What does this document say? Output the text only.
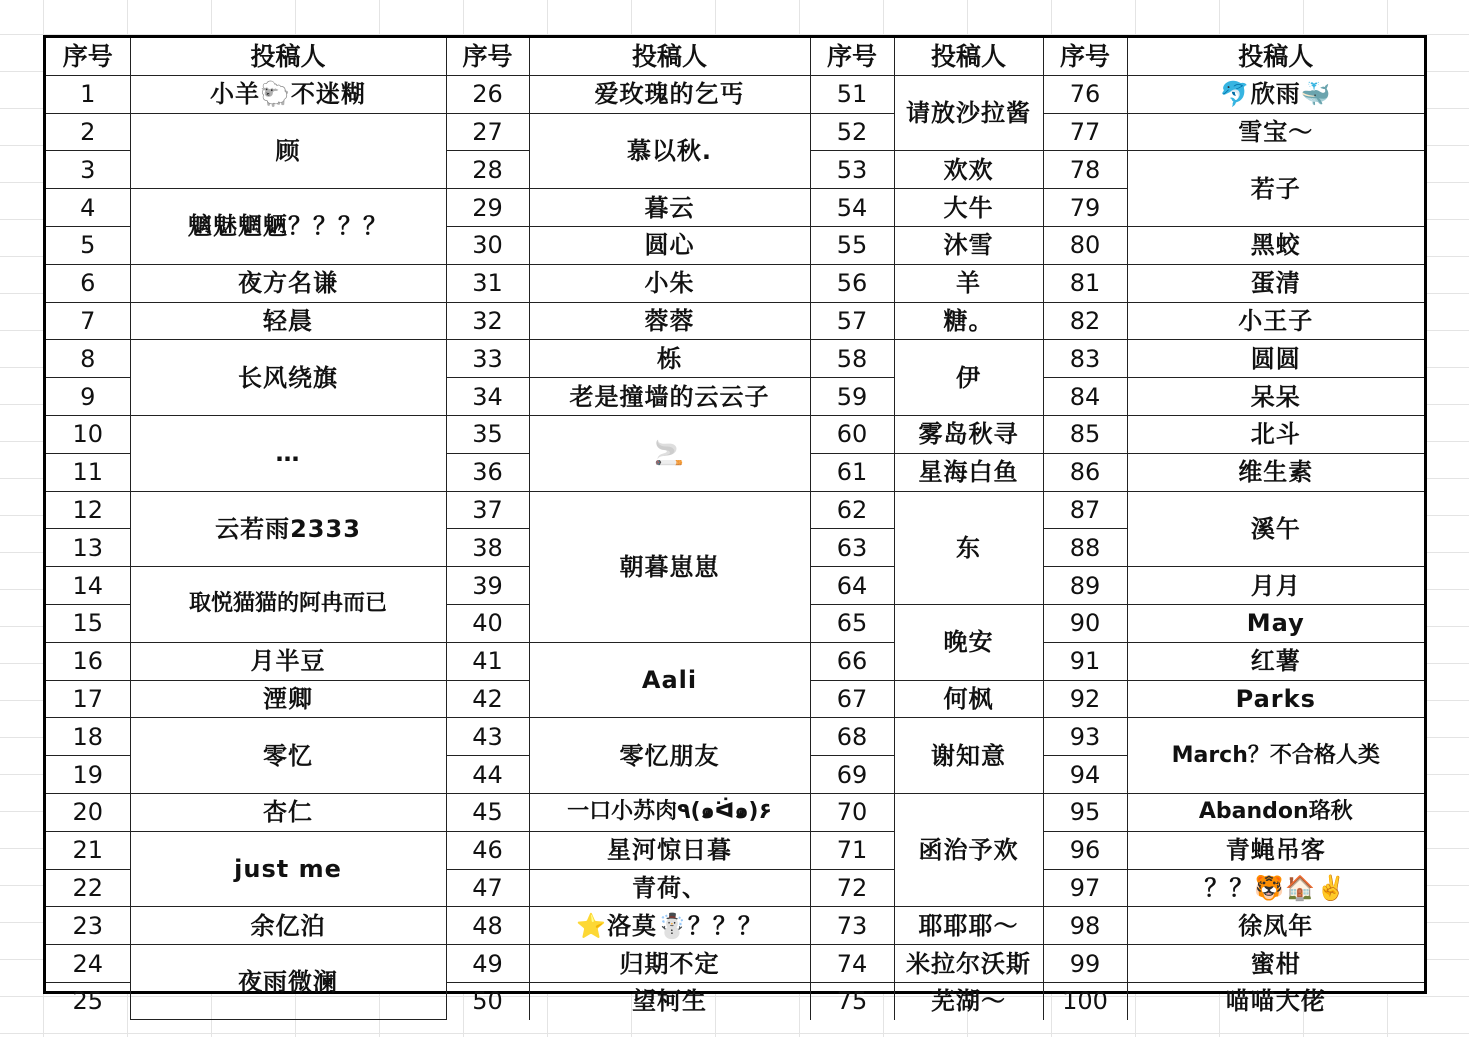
序号	投稿人	序号	投稿人	序号	投稿人	序号	投稿人
1	小羊🐑不迷糊	26	爱玫瑰的乞丐	51	请放沙拉酱	76	🐬欣雨🐳
2	顾	27	慕以秋.	52		77	雪宝～
3		28		53	欢欢	78	若子
4	魑魅魍魉？？？？	29	暮云	54	大牛	79	
5		30	圆心	55	沐雪	80	黑蛟
6	夜方名谦	31	小朱	56	羊	81	蛋清
7	轻晨	32	蓉蓉	57	糖。	82	小王子
8	长风绕旗	33	栎	58	伊	83	圆圆
9		34	老是撞墙的云云子	59		84	呆呆
10	…	35	🚬	60	雾岛秋寻	85	北斗
11		36		61	星海白鱼	86	维生素
12	云若雨2333	37	朝暮崽崽	62	东	87	溪午
13		38		63		88	
14	取悦猫猫的阿冉而已	39		64		89	月月
15		40		65	晚安	90	May
16	月半豆	41	Aali	66		91	红薯
17	湮卿	42		67	何枫	92	Parks
18	零忆	43	零忆朋友	68	谢知意	93	March？不合格人类
19		44		69		94	
20	杏仁	45	一口小苏肉٩(๑ᐛ๑)۶	70	函治予欢	95	Abandon珞秋
21	just me	46	星河惊日暮	71		96	青蝇吊客
22		47	青荷、	72		97	？？🐯🏠✌️
23	余亿泊	48	⭐洛莫☃️？？？	73	耶耶耶～	98	徐凤年
24	夜雨微澜	49	归期不定	74	米拉尔沃斯	99	蜜柑
25		50	望柯生	75	芜湖～	100	喵喵大佬
